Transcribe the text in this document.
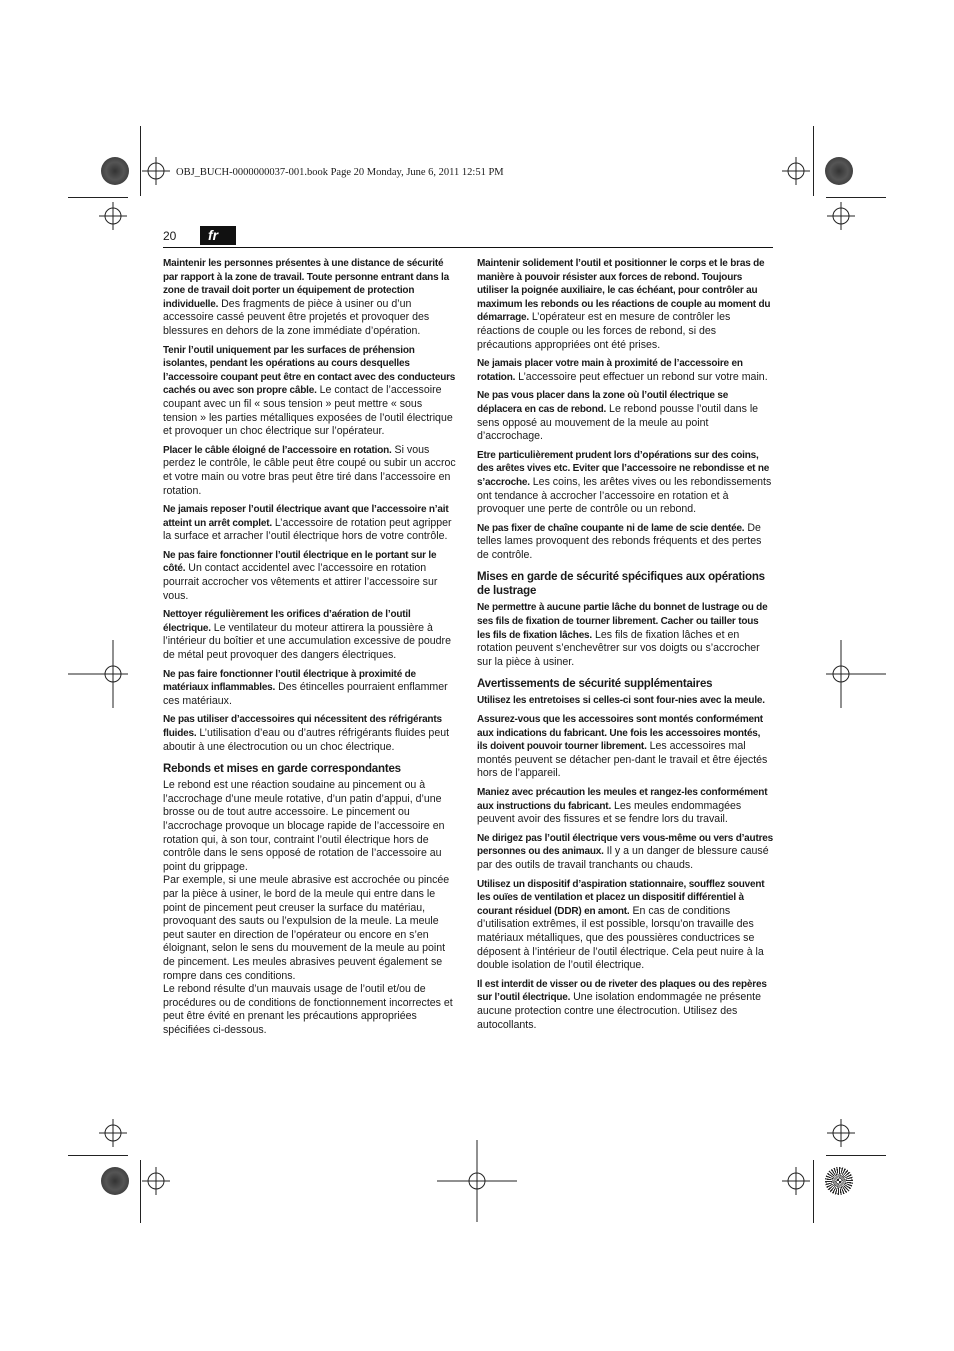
OBJ_BUCH-0000000037-001.book Page 20 Monday, June 6, 2011 12:51 PM
20	fr

Maintenir les personnes présentes à une distance de sécurité par rapport à la zone de travail. Toute personne entrant dans la zone de travail doit porter un équipement de protection individuelle. Des fragments de pièce à usiner ou d’un accessoire cassé peuvent être projetés et provoquer des blessures en dehors de la zone immédiate d’opération.

Tenir l’outil uniquement par les surfaces de préhension isolantes, pendant les opérations au cours desquelles l’accessoire coupant peut être en contact avec des conducteurs cachés ou avec son propre câble. Le contact de l’accessoire coupant avec un fil « sous tension » peut mettre « sous tension » les parties métalliques exposées de l’outil électrique et provoquer un choc électrique sur l’opérateur.

Placer le câble éloigné de l’accessoire en rotation. Si vous perdez le contrôle, le câble peut être coupé ou subir un accroc et votre main ou votre bras peut être tiré dans l’accessoire en rotation.

Ne jamais reposer l’outil électrique avant que l’accessoire n’ait atteint un arrêt complet. L’accessoire de rotation peut agripper la surface et arracher l’outil électrique hors de votre contrôle.

Ne pas faire fonctionner l’outil électrique en le portant sur le côté. Un contact accidentel avec l’accessoire en rotation pourrait accrocher vos vêtements et attirer l’accessoire sur vous.

Nettoyer régulièrement les orifices d’aération de l’outil électrique. Le ventilateur du moteur attirera la poussière à l’intérieur du boîtier et une accumulation excessive de poudre de métal peut provoquer des dangers électriques.

Ne pas faire fonctionner l’outil électrique à proximité de matériaux inflammables. Des étincelles pourraient enflammer ces matériaux.

Ne pas utiliser d’accessoires qui nécessitent des réfrigérants fluides. L’utilisation d’eau ou d’autres réfrigérants fluides peut aboutir à une électrocution ou un choc électrique.

Rebonds et mises en garde correspondantes

Le rebond est une réaction soudaine au pincement ou à l’accrochage d’une meule rotative, d’un patin d’appui, d’une brosse ou de tout autre accessoire. Le pincement ou l’accrochage provoque un blocage rapide de l’accessoire en rotation qui, à son tour, contraint l’outil électrique hors de contrôle dans le sens opposé de rotation de l’accessoire au point du grippage.

Par exemple, si une meule abrasive est accrochée ou pincée par la pièce à usiner, le bord de la meule qui entre dans le point de pincement peut creuser la surface du matériau, provoquant des sauts ou l’expulsion de la meule. La meule peut sauter en direction de l’opérateur ou encore en s’en éloignant, selon le sens du mouvement de la meule au point de pincement. Les meules abrasives peuvent également se rompre dans ces conditions.

Le rebond résulte d’un mauvais usage de l’outil et/ou de procédures ou de conditions de fonctionnement incorrectes et peut être évité en prenant les précautions appropriées spécifiées ci-dessous.

Maintenir solidement l’outil et positionner le corps et le bras de manière à pouvoir résister aux forces de rebond. Toujours utiliser la poignée auxiliaire, le cas échéant, pour contrôler au maximum les rebonds ou les réactions de couple au moment du démarrage. L’opérateur est en mesure de contrôler les réactions de couple ou les forces de rebond, si des précautions appropriées ont été prises.

Ne jamais placer votre main à proximité de l’accessoire en rotation. L’accessoire peut effectuer un rebond sur votre main.

Ne pas vous placer dans la zone où l’outil électrique se déplacera en cas de rebond. Le rebond pousse l’outil dans le sens opposé au mouvement de la meule au point d’accrochage.

Etre particulièrement prudent lors d’opérations sur des coins, des arêtes vives etc. Eviter que l’accessoire ne rebondisse et ne s’accroche. Les coins, les arêtes vives ou les rebondissements ont tendance à accrocher l’accessoire en rotation et à provoquer une perte de contrôle ou un rebond.

Ne pas fixer de chaîne coupante ni de lame de scie dentée. De telles lames provoquent des rebonds fréquents et des pertes de contrôle.

Mises en garde de sécurité spécifiques aux opérations de lustrage

Ne permettre à aucune partie lâche du bonnet de lustrage ou de ses fils de fixation de tourner librement. Cacher ou tailler tous les fils de fixation lâches. Les fils de fixation lâches et en rotation peuvent s’enchevêtrer sur vos doigts ou s’accrocher sur la pièce à usiner.

Avertissements de sécurité supplémentaires

Utilisez les entretoises si celles-ci sont four-nies avec la meule.

Assurez-vous que les accessoires sont montés conformément aux indications du fabricant. Une fois les accessoires montés, ils doivent pouvoir tourner librement. Les accessoires mal montés peuvent se détacher pen-dant le travail et être éjectés hors de l’appareil.

Maniez avec précaution les meules et rangez-les conformément aux instructions du fabricant. Les meules endommagées peuvent avoir des fissures et se fendre lors du travail.

Ne dirigez pas l’outil électrique vers vous-même ou vers d’autres personnes ou des animaux. Il y a un danger de blessure causé par des outils de travail tranchants ou chauds.

Utilisez un dispositif d’aspiration stationnaire, soufflez souvent les ouïes de ventilation et placez un dispositif différentiel à courant résiduel (DDR) en amont. En cas de conditions d’utilisation extrêmes, il est possible, lorsqu’on travaille des matériaux métalliques, que des poussières conductrices se déposent à l’intérieur de l’outil électrique. Cela peut nuire à la double isolation de l’outil électrique.

Il est interdit de visser ou de riveter des plaques ou des repères sur l’outil électrique. Une isolation endommagée ne présente aucune protection contre une électrocution. Utilisez des autocollants.
